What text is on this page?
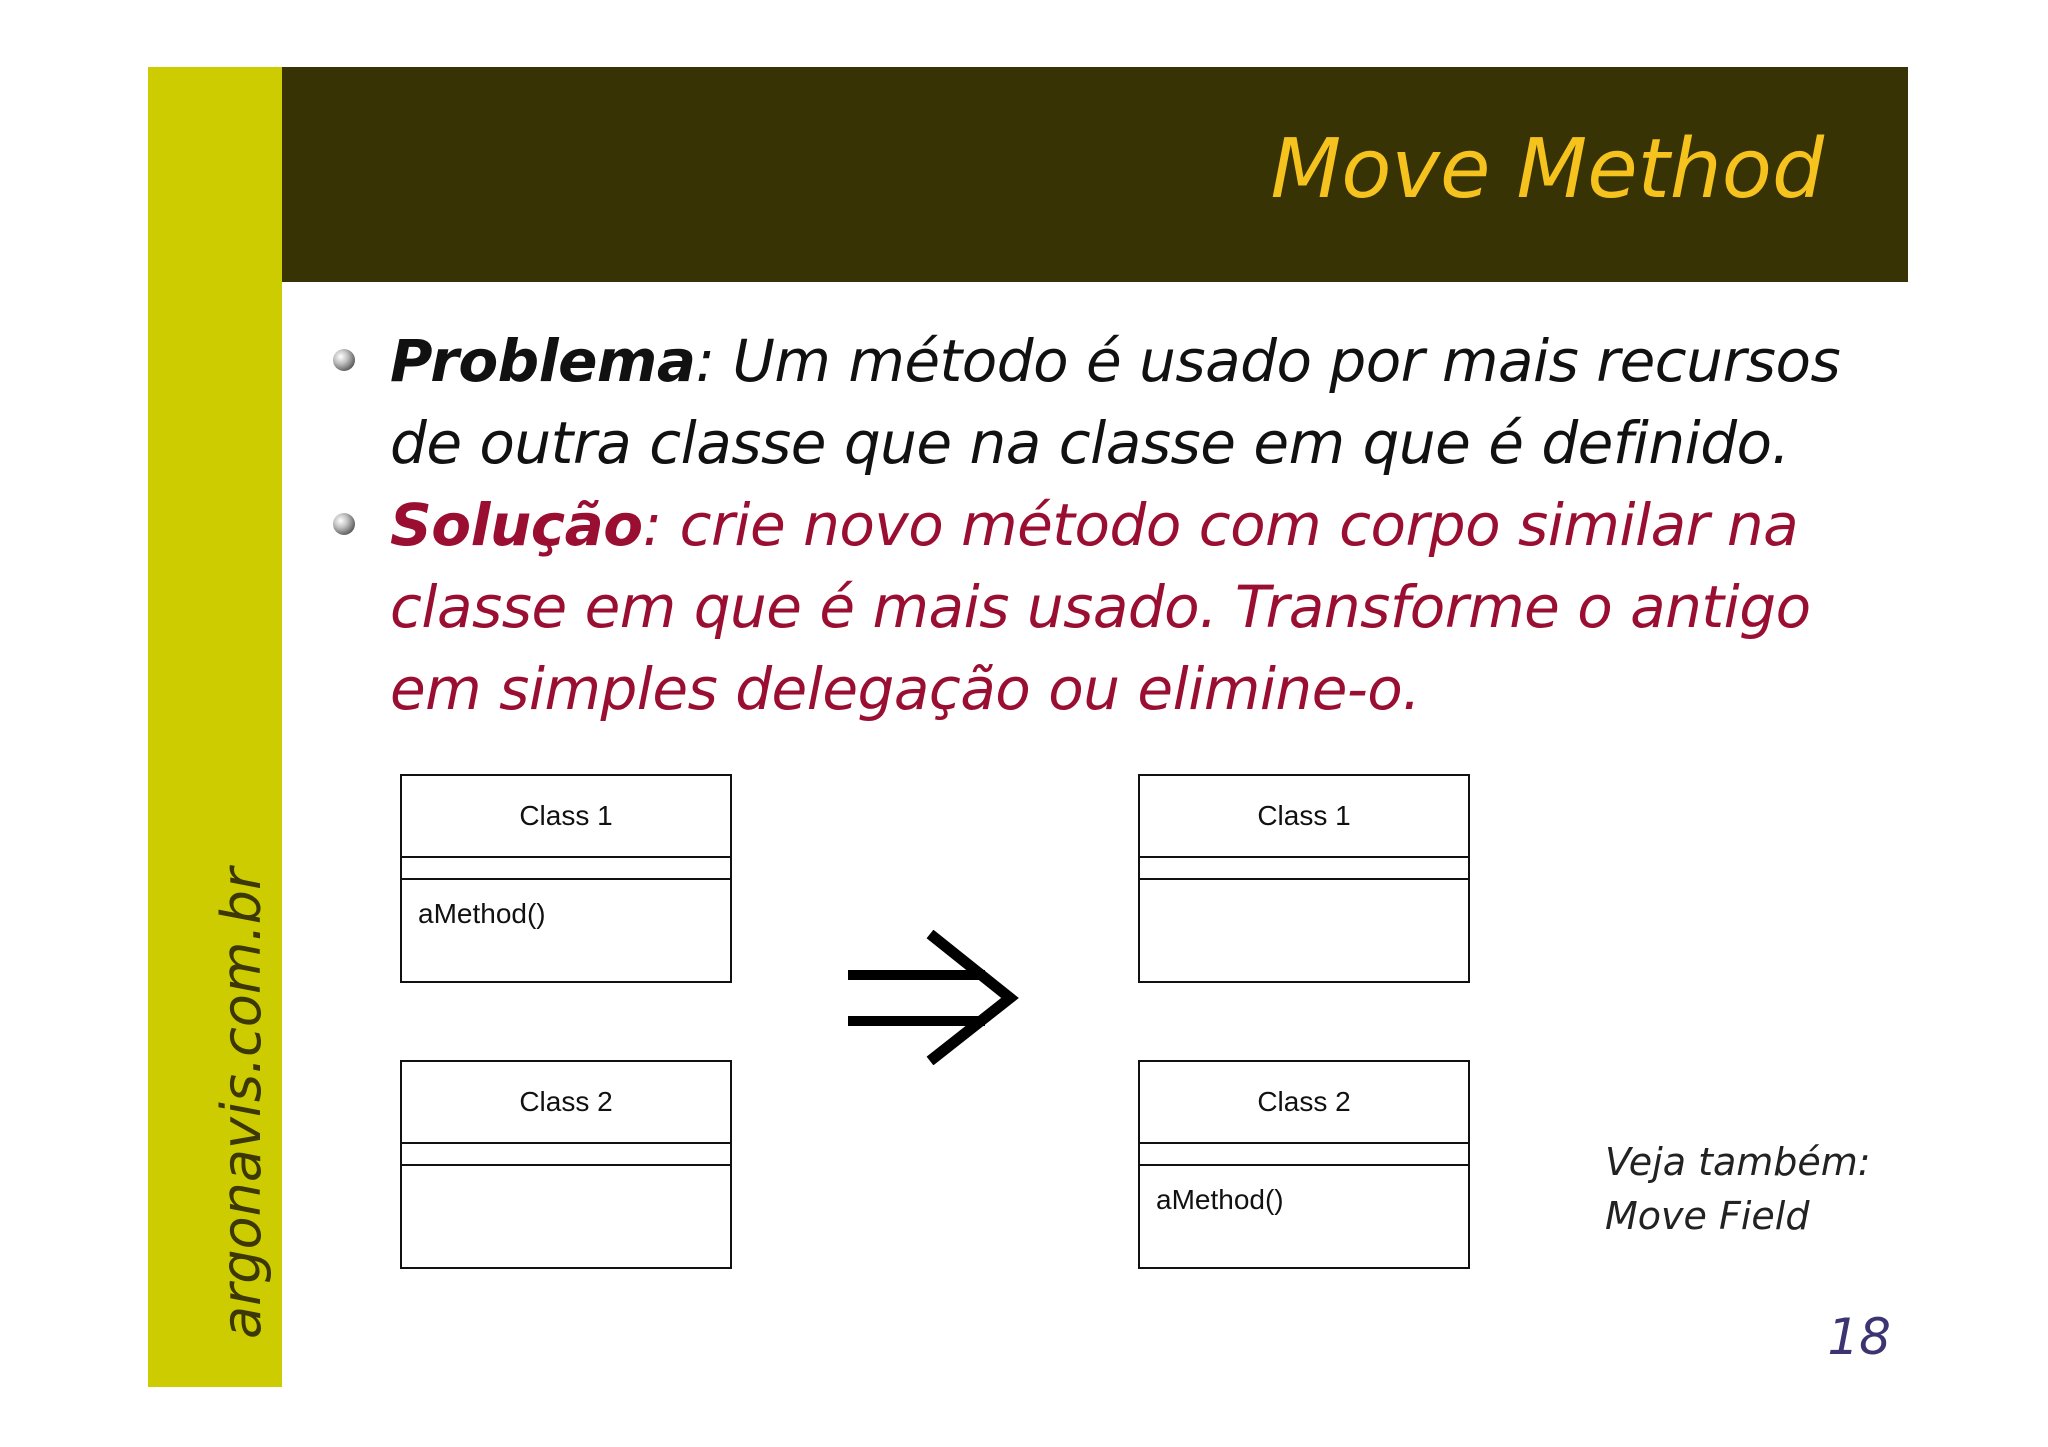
argonavis.com.br
Move Method

Problema: Um método é usado por mais recursos de outra classe que na classe em que é definido.

Solução: crie novo método com corpo similar na classe em que é mais usado. Transforme o antigo em simples delegação ou elimine-o.

Class 1
aMethod()
Class 2
Class 1
Class 2
aMethod()
Veja também:
Move Field
18
